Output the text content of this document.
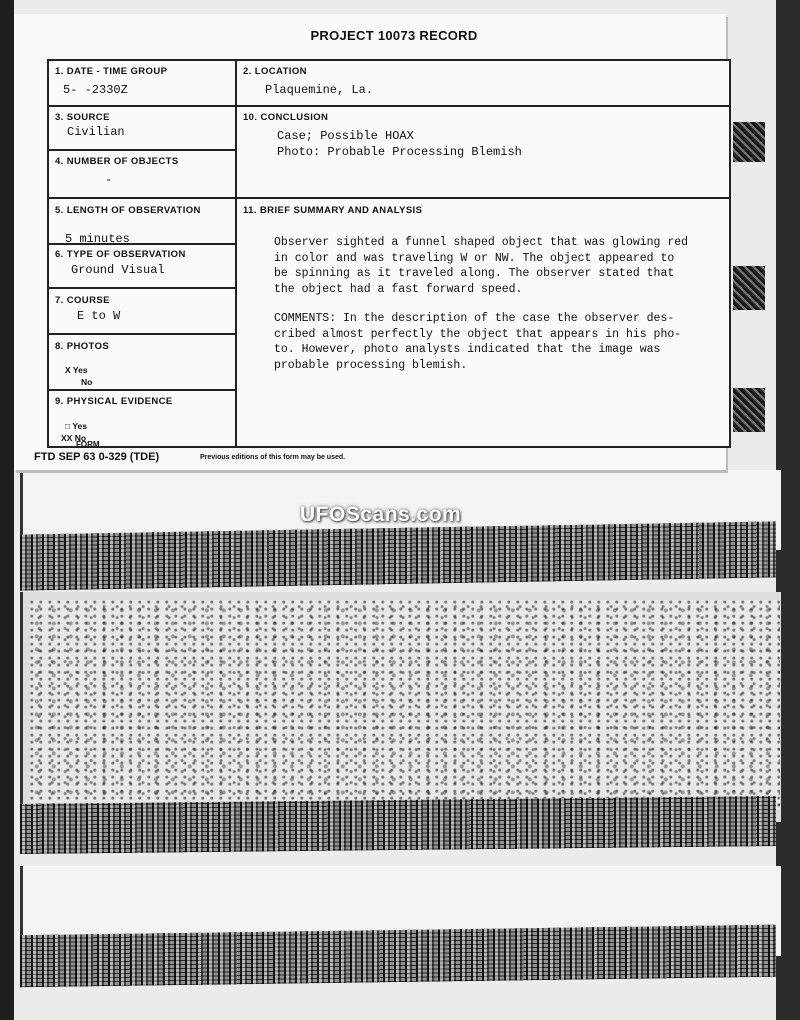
PROJECT 10073 RECORD
1. DATE - TIME GROUP
5- -2330Z
2. LOCATION
Plaquemine, La.
3. SOURCE
Civilian
10. CONCLUSION
Case; Possible HOAX
Photo: Probable Processing Blemish
4. NUMBER OF OBJECTS
-
5. LENGTH OF OBSERVATION
5 minutes
6. TYPE OF OBSERVATION
Ground Visual
7. COURSE
E to W
8. PHOTOS
X Yes
No
9. PHYSICAL EVIDENCE
□ Yes
XX No
11. BRIEF SUMMARY AND ANALYSIS
Observer sighted a funnel shaped object that was glowing red
in color and was traveling W or NW. The object appeared to
be spinning as it traveled along. The observer stated that
the object had a fast forward speed.
COMMENTS: In the description of the case the observer des-
cribed almost perfectly the object that appears in his pho-
to. However, photo analysts indicated that the image was
probable processing blemish.
FORM
FTD SEP 63 0-329 (TDE)	Previous editions of this form may be used.
UFOScans.com
